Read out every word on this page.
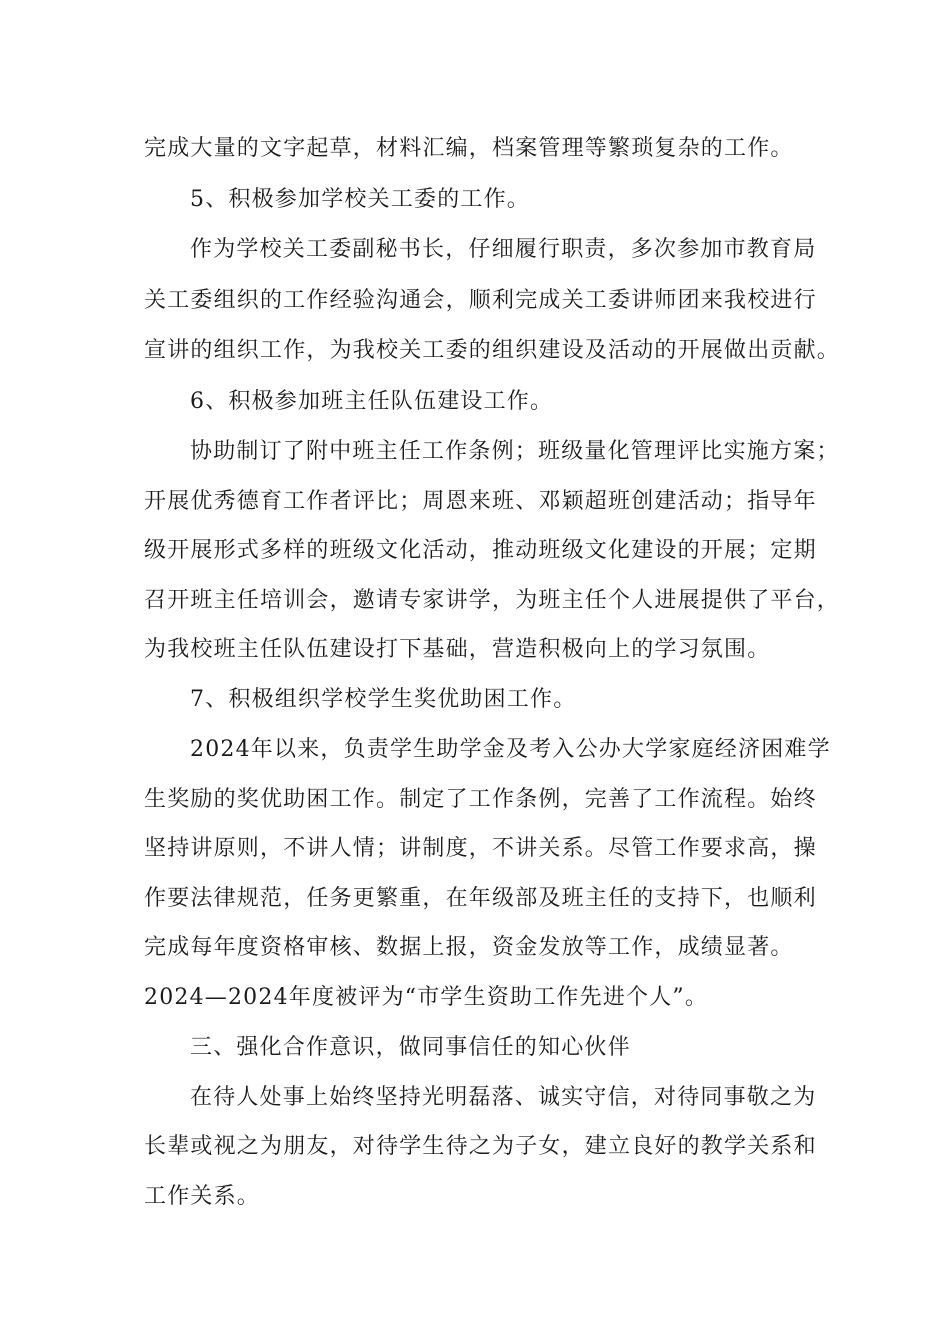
完成大量的文字起草，材料汇编，档案管理等繁琐复杂的工作。
5、积极参加学校关工委的工作。
作为学校关工委副秘书长，仔细履行职责，多次参加市教育局
关工委组织的工作经验沟通会，顺利完成关工委讲师团来我校进行
宣讲的组织工作，为我校关工委的组织建设及活动的开展做出贡献。
6、积极参加班主任队伍建设工作。
协助制订了附中班主任工作条例；班级量化管理评比实施方案；
开展优秀德育工作者评比；周恩来班、邓颖超班创建活动；指导年
级开展形式多样的班级文化活动，推动班级文化建设的开展；定期
召开班主任培训会，邀请专家讲学，为班主任个人进展提供了平台，
为我校班主任队伍建设打下基础，营造积极向上的学习氛围。
7、积极组织学校学生奖优助困工作。
2024年以来，负责学生助学金及考入公办大学家庭经济困难学
生奖励的奖优助困工作。制定了工作条例，完善了工作流程。始终
坚持讲原则，不讲人情；讲制度，不讲关系。尽管工作要求高，操
作要法律规范，任务更繁重，在年级部及班主任的支持下，也顺利
完成每年度资格审核、数据上报，资金发放等工作，成绩显著。
2024—2024年度被评为“市学生资助工作先进个人”。
三、强化合作意识，做同事信任的知心伙伴
在待人处事上始终坚持光明磊落、诚实守信，对待同事敬之为
长辈或视之为朋友，对待学生待之为子女，建立良好的教学关系和
工作关系。
